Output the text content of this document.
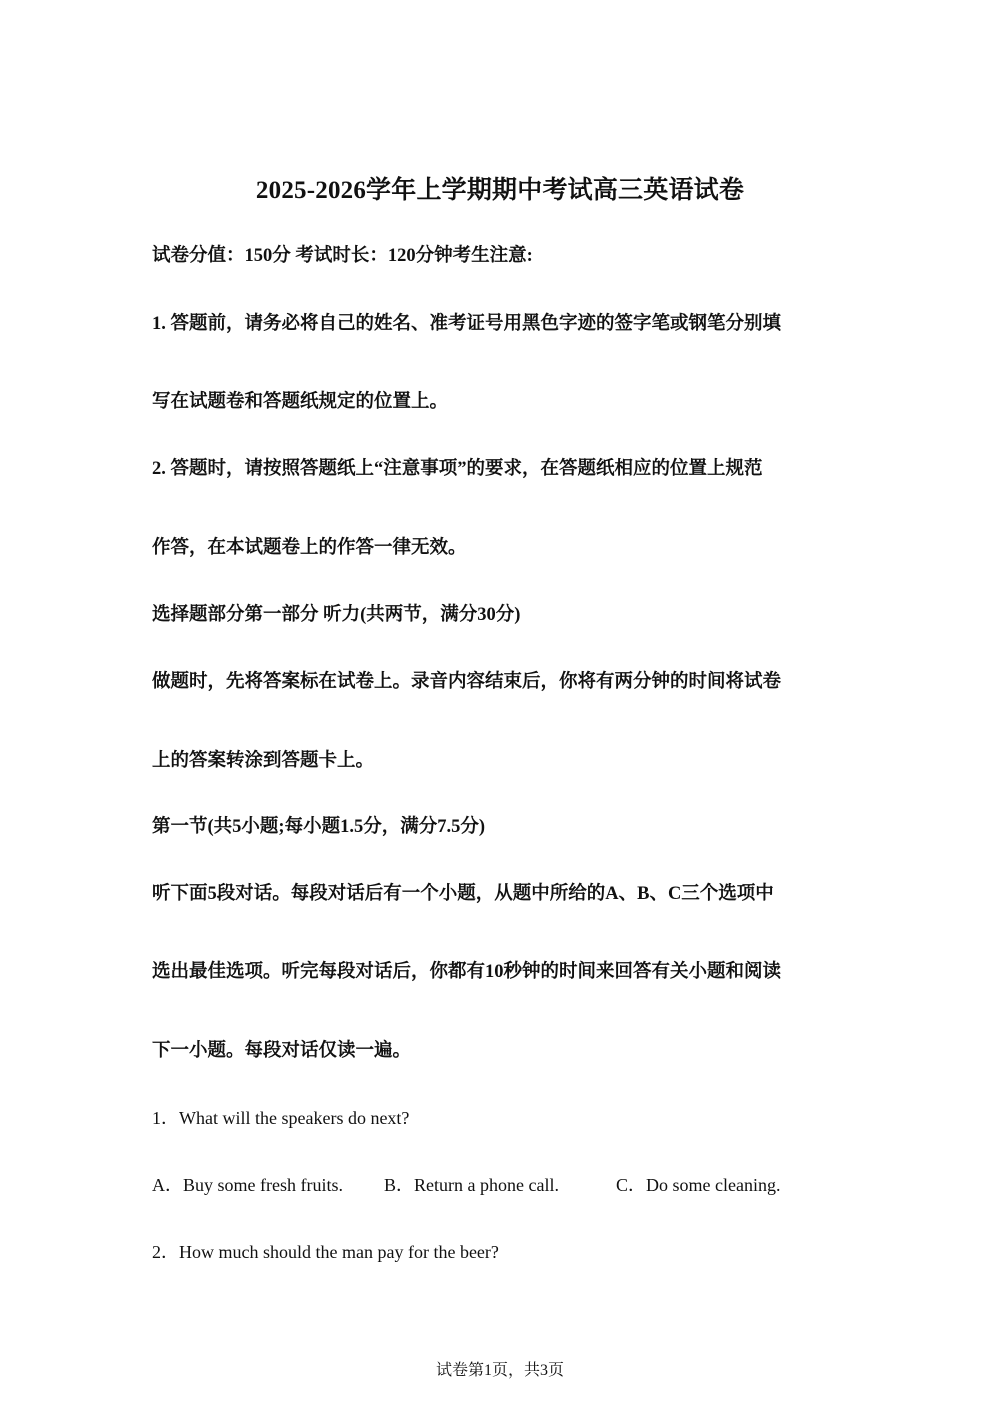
2025-2026学年上学期期中考试高三英语试卷
试卷分值：150分 考试时长：120分钟考生注意:
1. 答题前，请务必将自己的姓名、准考证号用黑色字迹的签字笔或钢笔分别填
写在试题卷和答题纸规定的位置上。
2. 答题时，请按照答题纸上“注意事项”的要求，在答题纸相应的位置上规范
作答，在本试题卷上的作答一律无效。
选择题部分第一部分 听力(共两节，满分30分)
做题时，先将答案标在试卷上。录音内容结束后，你将有两分钟的时间将试卷
上的答案转涂到答题卡上。
第一节(共5小题;每小题1.5分，满分7.5分)
听下面5段对话。每段对话后有一个小题，从题中所给的A、B、C三个选项中
选出最佳选项。听完每段对话后，你都有10秒钟的时间来回答有关小题和阅读
下一小题。每段对话仅读一遍。
1．What will the speakers do next?
A．Buy some fresh fruits. B．Return a phone call.	C．Do some cleaning.
2．How much should the man pay for the beer?
试卷第1页，共3页
